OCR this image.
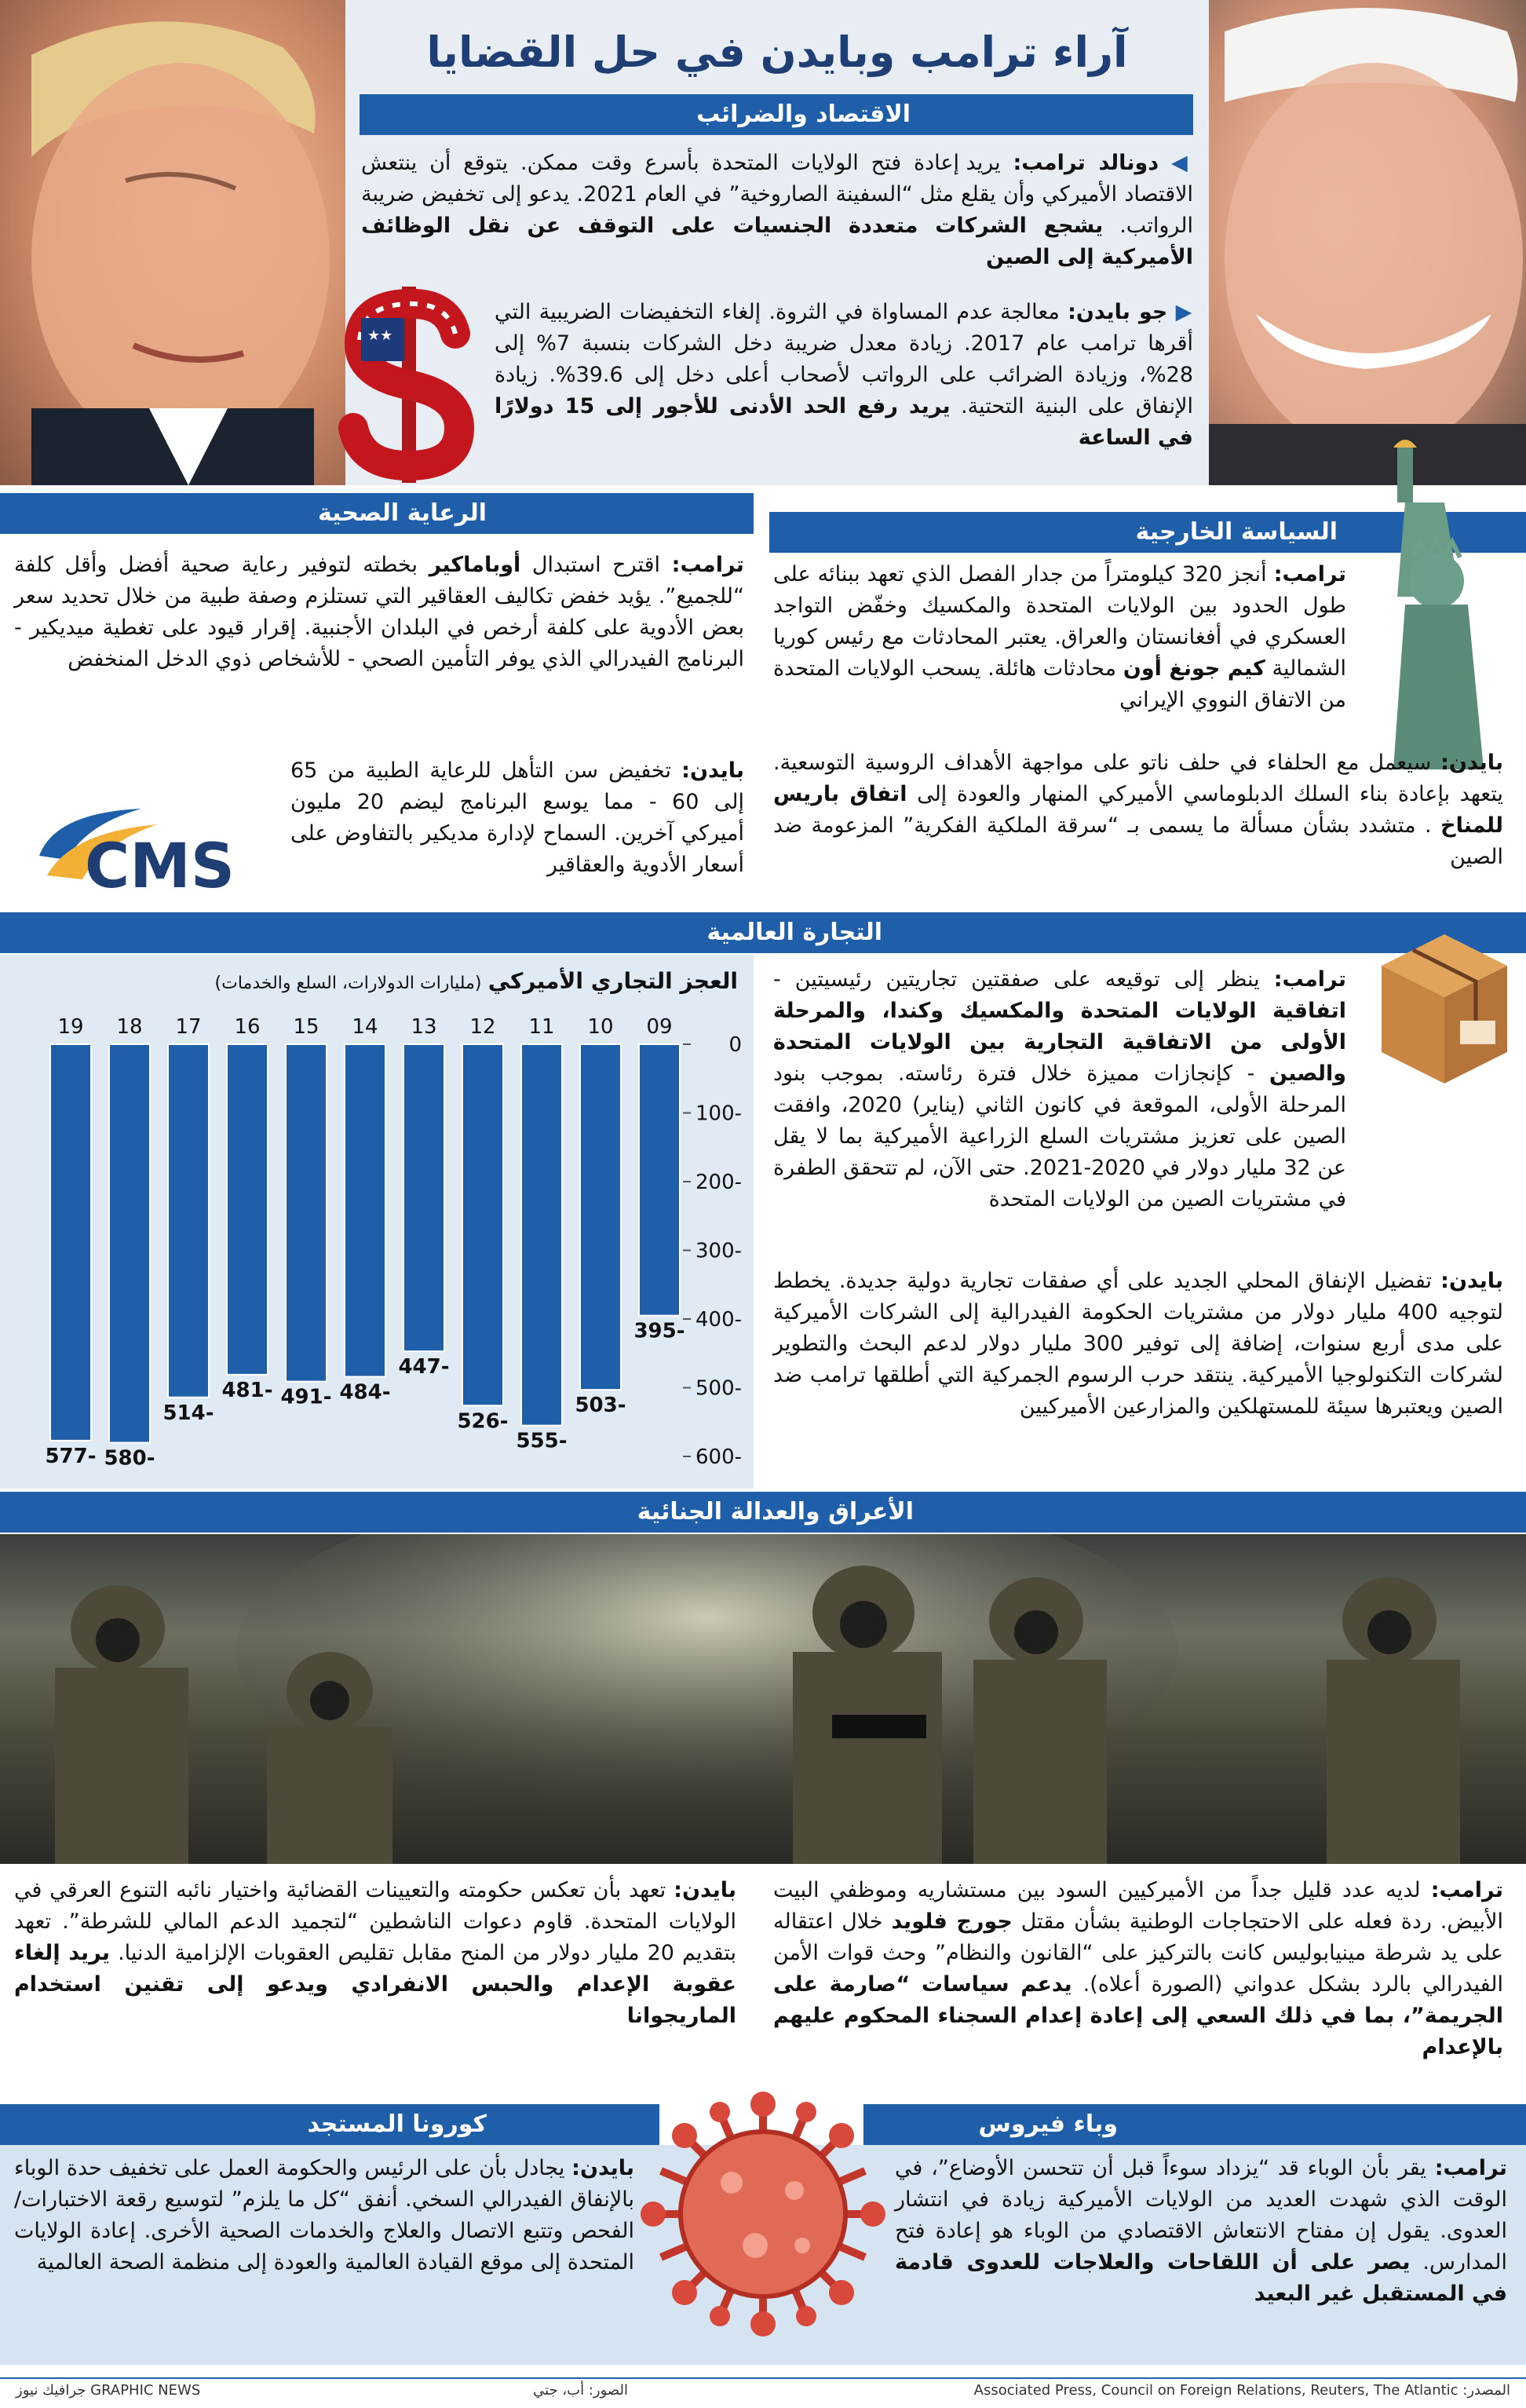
آراء ترامب وبايدن في حل القضايا
الاقتصاد والضرائب
◀ دونالد ترامب: يريد إعادة فتح الولايات المتحدة بأسرع وقت ممكن. يتوقع أن ينتعش الاقتصاد الأميركي وأن يقلع مثل “السفينة الصاروخية” في العام 2021. يدعو إلى تخفيض ضريبة الرواتب. يشجع الشركات متعددة الجنسيات على التوقف عن نقل الوظائف الأميركية إلى الصين
★★
▶ جو بايدن: معالجة عدم المساواة في الثروة. إلغاء التخفيضات الضريبية التي أقرها ترامب عام 2017. زيادة معدل ضريبة دخل الشركات بنسبة 7% إلى 28%، وزيادة الضرائب على الرواتب لأصحاب أعلى دخل إلى 39.6%. زيادة الإنفاق على البنية التحتية. يريد رفع الحد الأدنى للأجور إلى 15 دولارًا في الساعة
الرعاية الصحية
ترامب: اقترح استبدال أوباماكير بخطته لتوفير رعاية صحية أفضل وأقل كلفة “للجميع”. يؤيد خفض تكاليف العقاقير التي تستلزم وصفة طبية من خلال تحديد سعر بعض الأدوية على كلفة أرخص في البلدان الأجنبية. إقرار قيود على تغطية ميديكير - البرنامج الفيدرالي الذي يوفر التأمين الصحي - للأشخاص ذوي الدخل المنخفض
بايدن: تخفيض سن التأهل للرعاية الطبية من 65 إلى 60 - مما يوسع البرنامج ليضم 20 مليون أميركي آخرين. السماح لإدارة مديكير بالتفاوض على أسعار الأدوية والعقاقير
CMS
السياسة الخارجية
ترامب: أنجز 320 كيلومتراً من جدار الفصل الذي تعهد ببنائه على طول الحدود بين الولايات المتحدة والمكسيك وخفّض التواجد العسكري في أفغانستان والعراق. يعتبر المحادثات مع رئيس كوريا الشمالية كيم جونغ أون محادثات هائلة. يسحب الولايات المتحدة من الاتفاق النووي الإيراني
بايدن: سيعمل مع الحلفاء في حلف ناتو على مواجهة الأهداف الروسية التوسعية. يتعهد بإعادة بناء السلك الدبلوماسي الأميركي المنهار والعودة إلى اتفاق باريس للمناخ . متشدد بشأن مسألة ما يسمى بـ “سرقة الملكية الفكرية” المزعومة ضد الصين
التجارة العالمية
العجز التجاري الأميركي (مليارات الدولارات، السلع والخدمات)
0
100-
200-
300-
400-
500-
600-
09
395-
10
503-
11
555-
12
526-
13
447-
14
484-
15
491-
16
481-
17
514-
18
580-
19
577-
ترامب: ينظر إلى توقيعه على صفقتين تجاريتين رئيسيتين - اتفاقية الولايات المتحدة والمكسيك وكندا، والمرحلة الأولى من الاتفاقية التجارية بين الولايات المتحدة والصين - كإنجازات مميزة خلال فترة رئاسته. بموجب بنود المرحلة الأولى، الموقعة في كانون الثاني (يناير) 2020، وافقت الصين على تعزيز مشتريات السلع الزراعية الأميركية بما لا يقل عن 32 مليار دولار في 2020-2021. حتى الآن، لم تتحقق الطفرة في مشتريات الصين من الولايات المتحدة
بايدن: تفضيل الإنفاق المحلي الجديد على أي صفقات تجارية دولية جديدة. يخطط لتوجيه 400 مليار دولار من مشتريات الحكومة الفيدرالية إلى الشركات الأميركية على مدى أربع سنوات، إضافة إلى توفير 300 مليار دولار لدعم البحث والتطوير لشركات التكنولوجيا الأميركية. ينتقد حرب الرسوم الجمركية التي أطلقها ترامب ضد الصين ويعتبرها سيئة للمستهلكين والمزارعين الأميركيين
الأعراق والعدالة الجنائية
بايدن: تعهد بأن تعكس حكومته والتعيينات القضائية واختيار نائبه التنوع العرقي في الولايات المتحدة. قاوم دعوات الناشطين “لتجميد الدعم المالي للشرطة”. تعهد بتقديم 20 مليار دولار من المنح مقابل تقليص العقوبات الإلزامية الدنيا. يريد إلغاء عقوبة الإعدام والحبس الانفرادي ويدعو إلى تقنين استخدام الماريجوانا
ترامب: لديه عدد قليل جداً من الأميركيين السود بين مستشاريه وموظفي البيت الأبيض. ردة فعله على الاحتجاجات الوطنية بشأن مقتل جورج فلويد خلال اعتقاله على يد شرطة مينيابوليس كانت بالتركيز على “القانون والنظام” وحث قوات الأمن الفيدرالي بالرد بشكل عدواني (الصورة أعلاه). يدعم سياسات “صارمة على الجريمة”، بما في ذلك السعي إلى إعادة إعدام السجناء المحكوم عليهم بالإعدام
كورونا المستجد	وباء فيروس
بايدن: يجادل بأن على الرئيس والحكومة العمل على تخفيف حدة الوباء بالإنفاق الفيدرالي السخي. أنفق “كل ما يلزم” لتوسيع رقعة الاختبارات/الفحص وتتبع الاتصال والعلاج والخدمات الصحية الأخرى. إعادة الولايات المتحدة إلى موقع القيادة العالمية والعودة إلى منظمة الصحة العالمية
ترامب: يقر بأن الوباء قد “يزداد سوءاً قبل أن تتحسن الأوضاع”، في الوقت الذي شهدت العديد من الولايات الأميركية زيادة في انتشار العدوى. يقول إن مفتاح الانتعاش الاقتصادي من الوباء هو إعادة فتح المدارس. يصر على أن اللقاحات والعلاجات للعدوى قادمة في المستقبل غير البعيد
المصدر: Associated Press, Council on Foreign Relations, Reuters, The Atlantic
الصور: أب، جتي
GRAPHIC NEWS جرافيك نيوز
